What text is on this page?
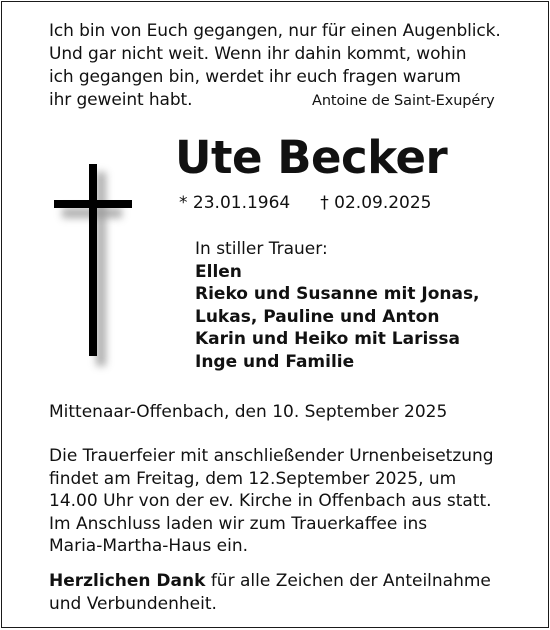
Ich bin von Euch gegangen, nur für einen Augenblick.
Und gar nicht weit. Wenn ihr dahin kommt, wohin
ich gegangen bin, werdet ihr euch fragen warum
ihr geweint habt.	Antoine de Saint-Exupéry
Ute Becker
* 23.01.1964 † 02.09.2025
In stiller Trauer:
Ellen
Rieko und Susanne mit Jonas,
Lukas, Pauline und Anton
Karin und Heiko mit Larissa
Inge und Familie
Mittenaar-Offenbach, den 10. September 2025
Die Trauerfeier mit anschließender Urnenbeisetzung
findet am Freitag, dem 12.September 2025, um
14.00 Uhr von der ev. Kirche in Offenbach aus statt.
Im Anschluss laden wir zum Trauerkaffee ins
Maria-Martha-Haus ein.
Herzlichen Dank für alle Zeichen der Anteilnahme
und Verbundenheit.
